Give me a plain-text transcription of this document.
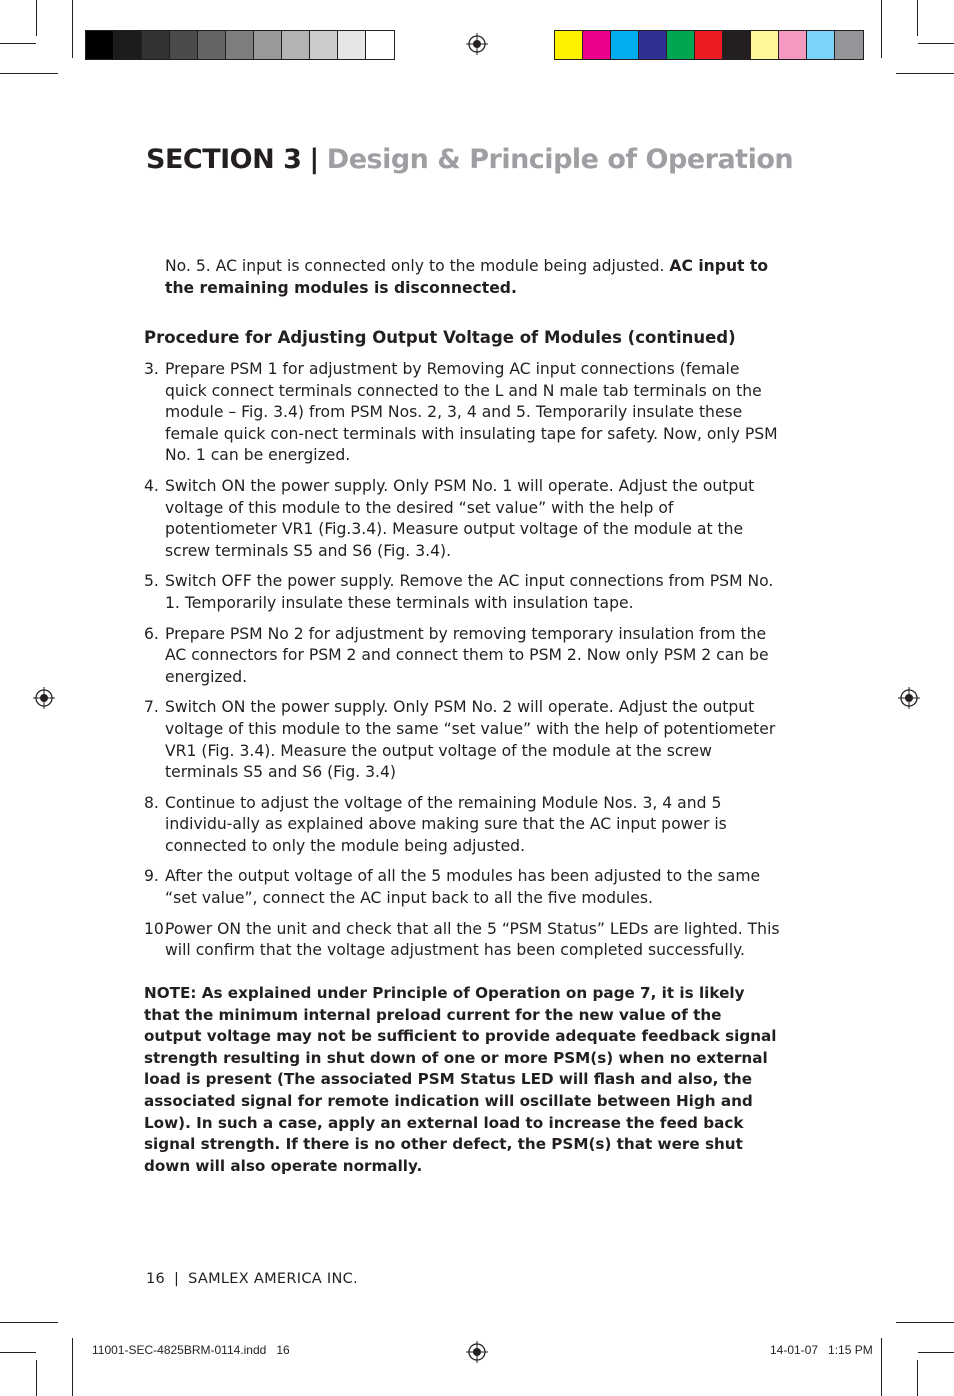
SECTION 3 | Design & Principle of Operation
No. 5. AC input is connected only to the module being adjusted. AC input to the remaining modules is disconnected.
Procedure for Adjusting Output Voltage of Modules (continued)
3. Prepare PSM 1 for adjustment by Removing AC input connections (female quick connect terminals connected to the L and N male tab terminals on the module – Fig. 3.4) from PSM Nos. 2, 3, 4 and 5. Temporarily insulate these female quick con-nect terminals with insulating tape for safety. Now, only PSM No. 1 can be energized.
4. Switch ON the power supply. Only PSM No. 1 will operate. Adjust the output voltage of this module to the desired “set value” with the help of potentiometer VR1 (Fig.3.4). Measure output voltage of the module at the screw terminals S5 and S6 (Fig. 3.4).
5. Switch OFF the power supply. Remove the AC input connections from PSM No. 1. Temporarily insulate these terminals with insulation tape.
6. Prepare PSM No 2 for adjustment by removing temporary insulation from the AC connectors for PSM 2 and connect them to PSM 2. Now only PSM 2 can be energized.
7. Switch ON the power supply. Only PSM No. 2 will operate. Adjust the output voltage of this module to the same “set value” with the help of potentiometer VR1 (Fig. 3.4). Measure the output voltage of the module at the screw terminals S5 and S6 (Fig. 3.4)
8. Continue to adjust the voltage of the remaining Module Nos. 3, 4 and 5 individu-ally as explained above making sure that the AC input power is connected to only the module being adjusted.
9. After the output voltage of all the 5 modules has been adjusted to the same “set value”, connect the AC input back to all the five modules.
10.
Power ON the unit and check that all the 5 “PSM Status” LEDs are lighted. This will confirm that the voltage adjustment has been completed successfully.
NOTE: As explained under Principle of Operation on page 7, it is likely that the minimum internal preload current for the new value of the output voltage may not be sufficient to provide adequate feedback signal strength resulting in shut down of one or more PSM(s) when no external load is present (The associated PSM Status LED will flash and also, the associated signal for remote indication will oscillate between High and Low). In such a case, apply an external load to increase the feed back signal strength. If there is no other defect, the PSM(s) that were shut down will also operate normally.
16 | SAMLEX AMERICA INC.
11001-SEC-4825BRM-0114.indd   16	14-01-07   1:15 PM
